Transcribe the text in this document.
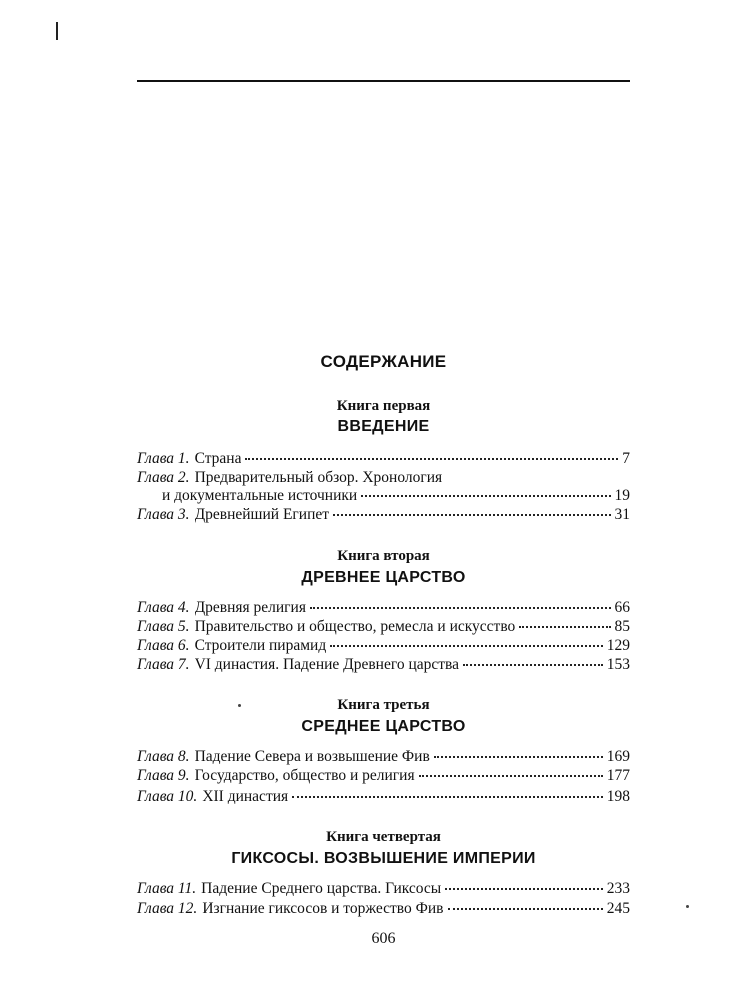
СОДЕРЖАНИЕ
Книга первая
ВВЕДЕНИЕ
Глава 1. Страна	7
Глава 2. Предварительный обзор. Хронология
и документальные источники	19
Глава 3. Древнейший Египет	31
Книга вторая
ДРЕВНЕЕ ЦАРСТВО
Глава 4. Древняя религия	66
Глава 5. Правительство и общество, ремесла и искусство	85
Глава 6. Строители пирамид	129
Глава 7. VI династия. Падение Древнего царства	153
Книга третья
СРЕДНЕЕ ЦАРСТВО
Глава 8. Падение Севера и возвышение Фив	169
Глава 9. Государство, общество и религия	177
Глава 10. XII династия	198
Книга четвертая
ГИКСОСЫ. ВОЗВЫШЕНИЕ ИМПЕРИИ
Глава 11. Падение Среднего царства. Гиксосы	233
Глава 12. Изгнание гиксосов и торжество Фив	245
606
